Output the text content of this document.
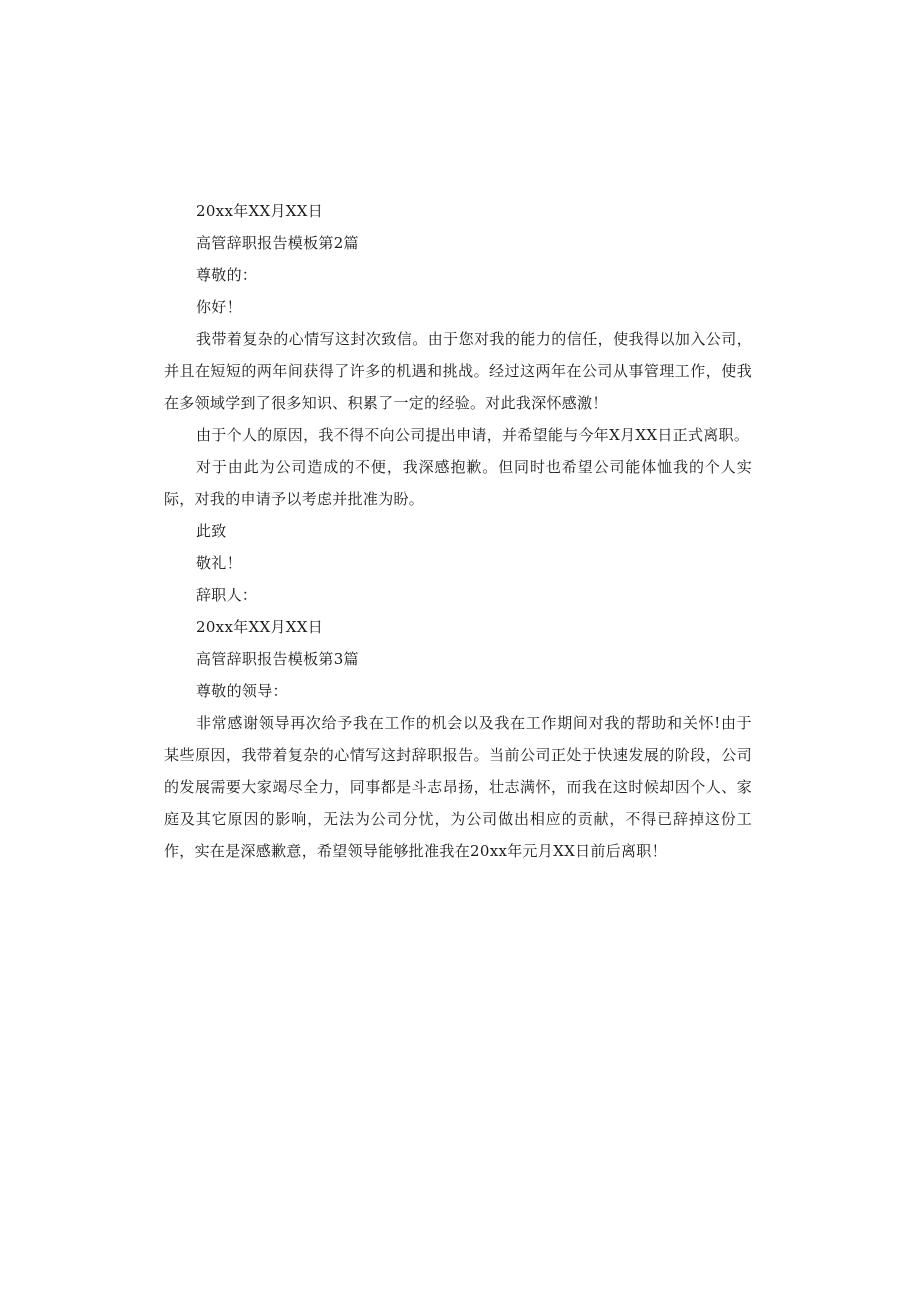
20xx年XX月XX日

高管辞职报告模板第2篇

尊敬的：

你好！

我带着复杂的心情写这封次致信。由于您对我的能力的信任，使我得以加入公司，并且在短短的两年间获得了许多的机遇和挑战。经过这两年在公司从事管理工作，使我在多领域学到了很多知识、积累了一定的经验。对此我深怀感激！

由于个人的原因，我不得不向公司提出申请，并希望能与今年X月XX日正式离职。

对于由此为公司造成的不便，我深感抱歉。但同时也希望公司能体恤我的个人实际，对我的申请予以考虑并批准为盼。

此致

敬礼！

辞职人：

20xx年XX月XX日

高管辞职报告模板第3篇

尊敬的领导：

非常感谢领导再次给予我在工作的机会以及我在工作期间对我的帮助和关怀!由于某些原因，我带着复杂的心情写这封辞职报告。当前公司正处于快速发展的阶段，公司的发展需要大家竭尽全力，同事都是斗志昂扬，壮志满怀，而我在这时候却因个人、家庭及其它原因的影响，无法为公司分忧，为公司做出相应的贡献，不得已辞掉这份工作，实在是深感歉意，希望领导能够批准我在20xx年元月XX日前后离职！
